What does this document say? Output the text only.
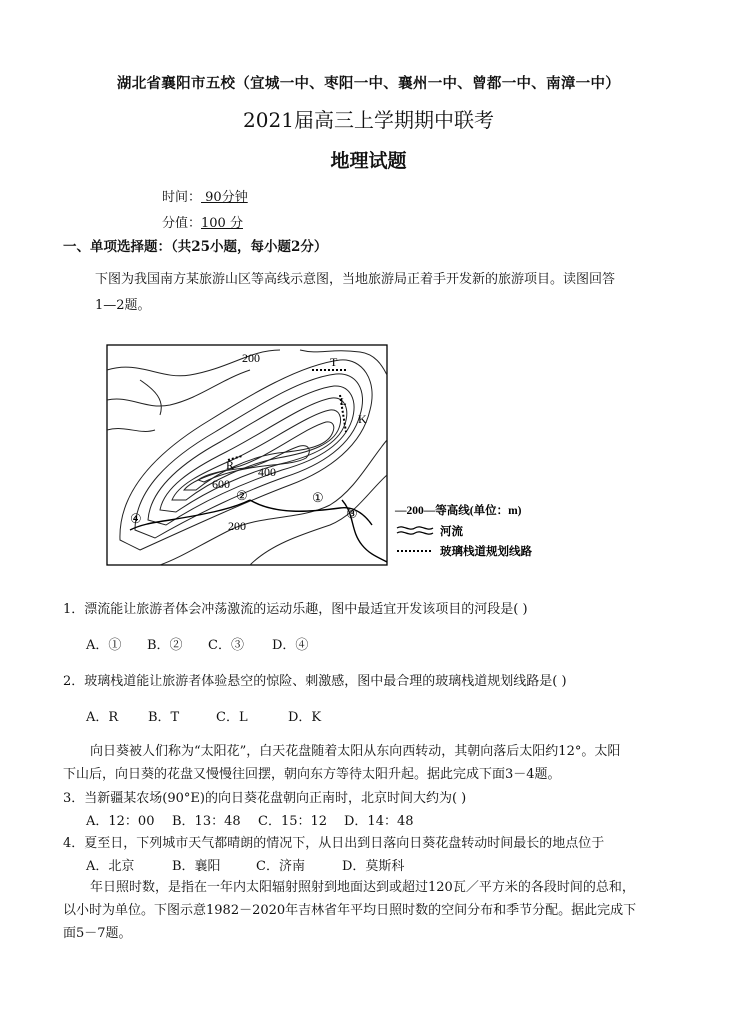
湖北省襄阳市五校（宜城一中、枣阳一中、襄州一中、曾都一中、南漳一中）
2021届高三上学期期中联考
地理试题
时间： 90分钟
分值：100 分
一、单项选择题：（共25小题，每小题2分）
下图为我国南方某旅游山区等高线示意图，当地旅游局正着手开发新的旅游项目。读图回答
1—2题。
200
200
400
600
T
K
L
R
①
②
③
④	—200—等高线(单位：m)
河流
玻璃栈道规划线路
1．漂流能让旅游者体会冲荡激流的运动乐趣，图中最适宜开发该项目的河段是( )
A．① B．② C．③ D．④
2．玻璃栈道能让旅游者体验悬空的惊险、刺激感，图中最合理的玻璃栈道规划线路是( )
A．R B．T	C．L	D．K
向日葵被人们称为“太阳花”，白天花盘随着太阳从东向西转动，其朝向落后太阳约12°。太阳
下山后，向日葵的花盘又慢慢往回摆，朝向东方等待太阳升起。据此完成下面3－4题。
3．当新疆某农场(90°E)的向日葵花盘朝向正南时，北京时间大约为( )
A．12：00 B．13：48 C．15：12 D．14：48
4．夏至日，下列城市天气都晴朗的情况下，从日出到日落向日葵花盘转动时间最长的地点位于
A．北京	B．襄阳	C．济南	D．莫斯科
年日照时数，是指在一年内太阳辐射照射到地面达到或超过120瓦／平方米的各段时间的总和，
以小时为单位。下图示意1982－2020年吉林省年平均日照时数的空间分布和季节分配。据此完成下
面5－7题。
